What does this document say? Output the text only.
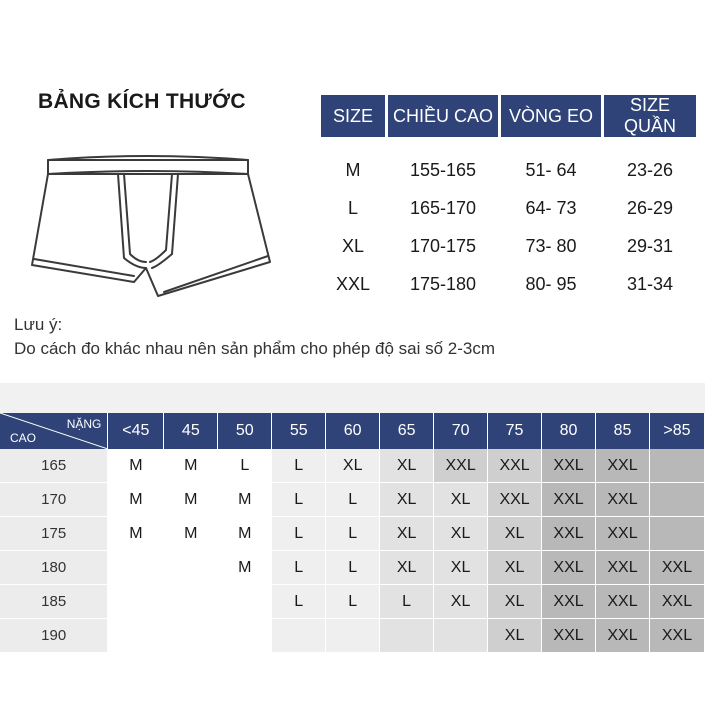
BẢNG KÍCH THƯỚC
SIZE	CHIỀU CAO	VÒNG EO	SIZE QUẦN

M	155-165	51- 64	23-26
L	165-170	64- 73	26-29
XL	170-175	73- 80	29-31
XXL	175-180	80- 95	31-34
Lưu ý:
Do cách đo khác nhau nên sản phẩm cho phép độ sai số 2-3cm
NẶNG
CAO	<45	45	50	55	60	65	70	75	80	85	>85
165	M	M	L	L	XL	XL	XXL	XXL	XXL	XXL	
170	M	M	M	L	L	XL	XL	XXL	XXL	XXL	
175	M	M	M	L	L	XL	XL	XL	XXL	XXL	
180			M	L	L	XL	XL	XL	XXL	XXL	XXL
185				L	L	L	XL	XL	XXL	XXL	XXL
190								XL	XXL	XXL	XXL
